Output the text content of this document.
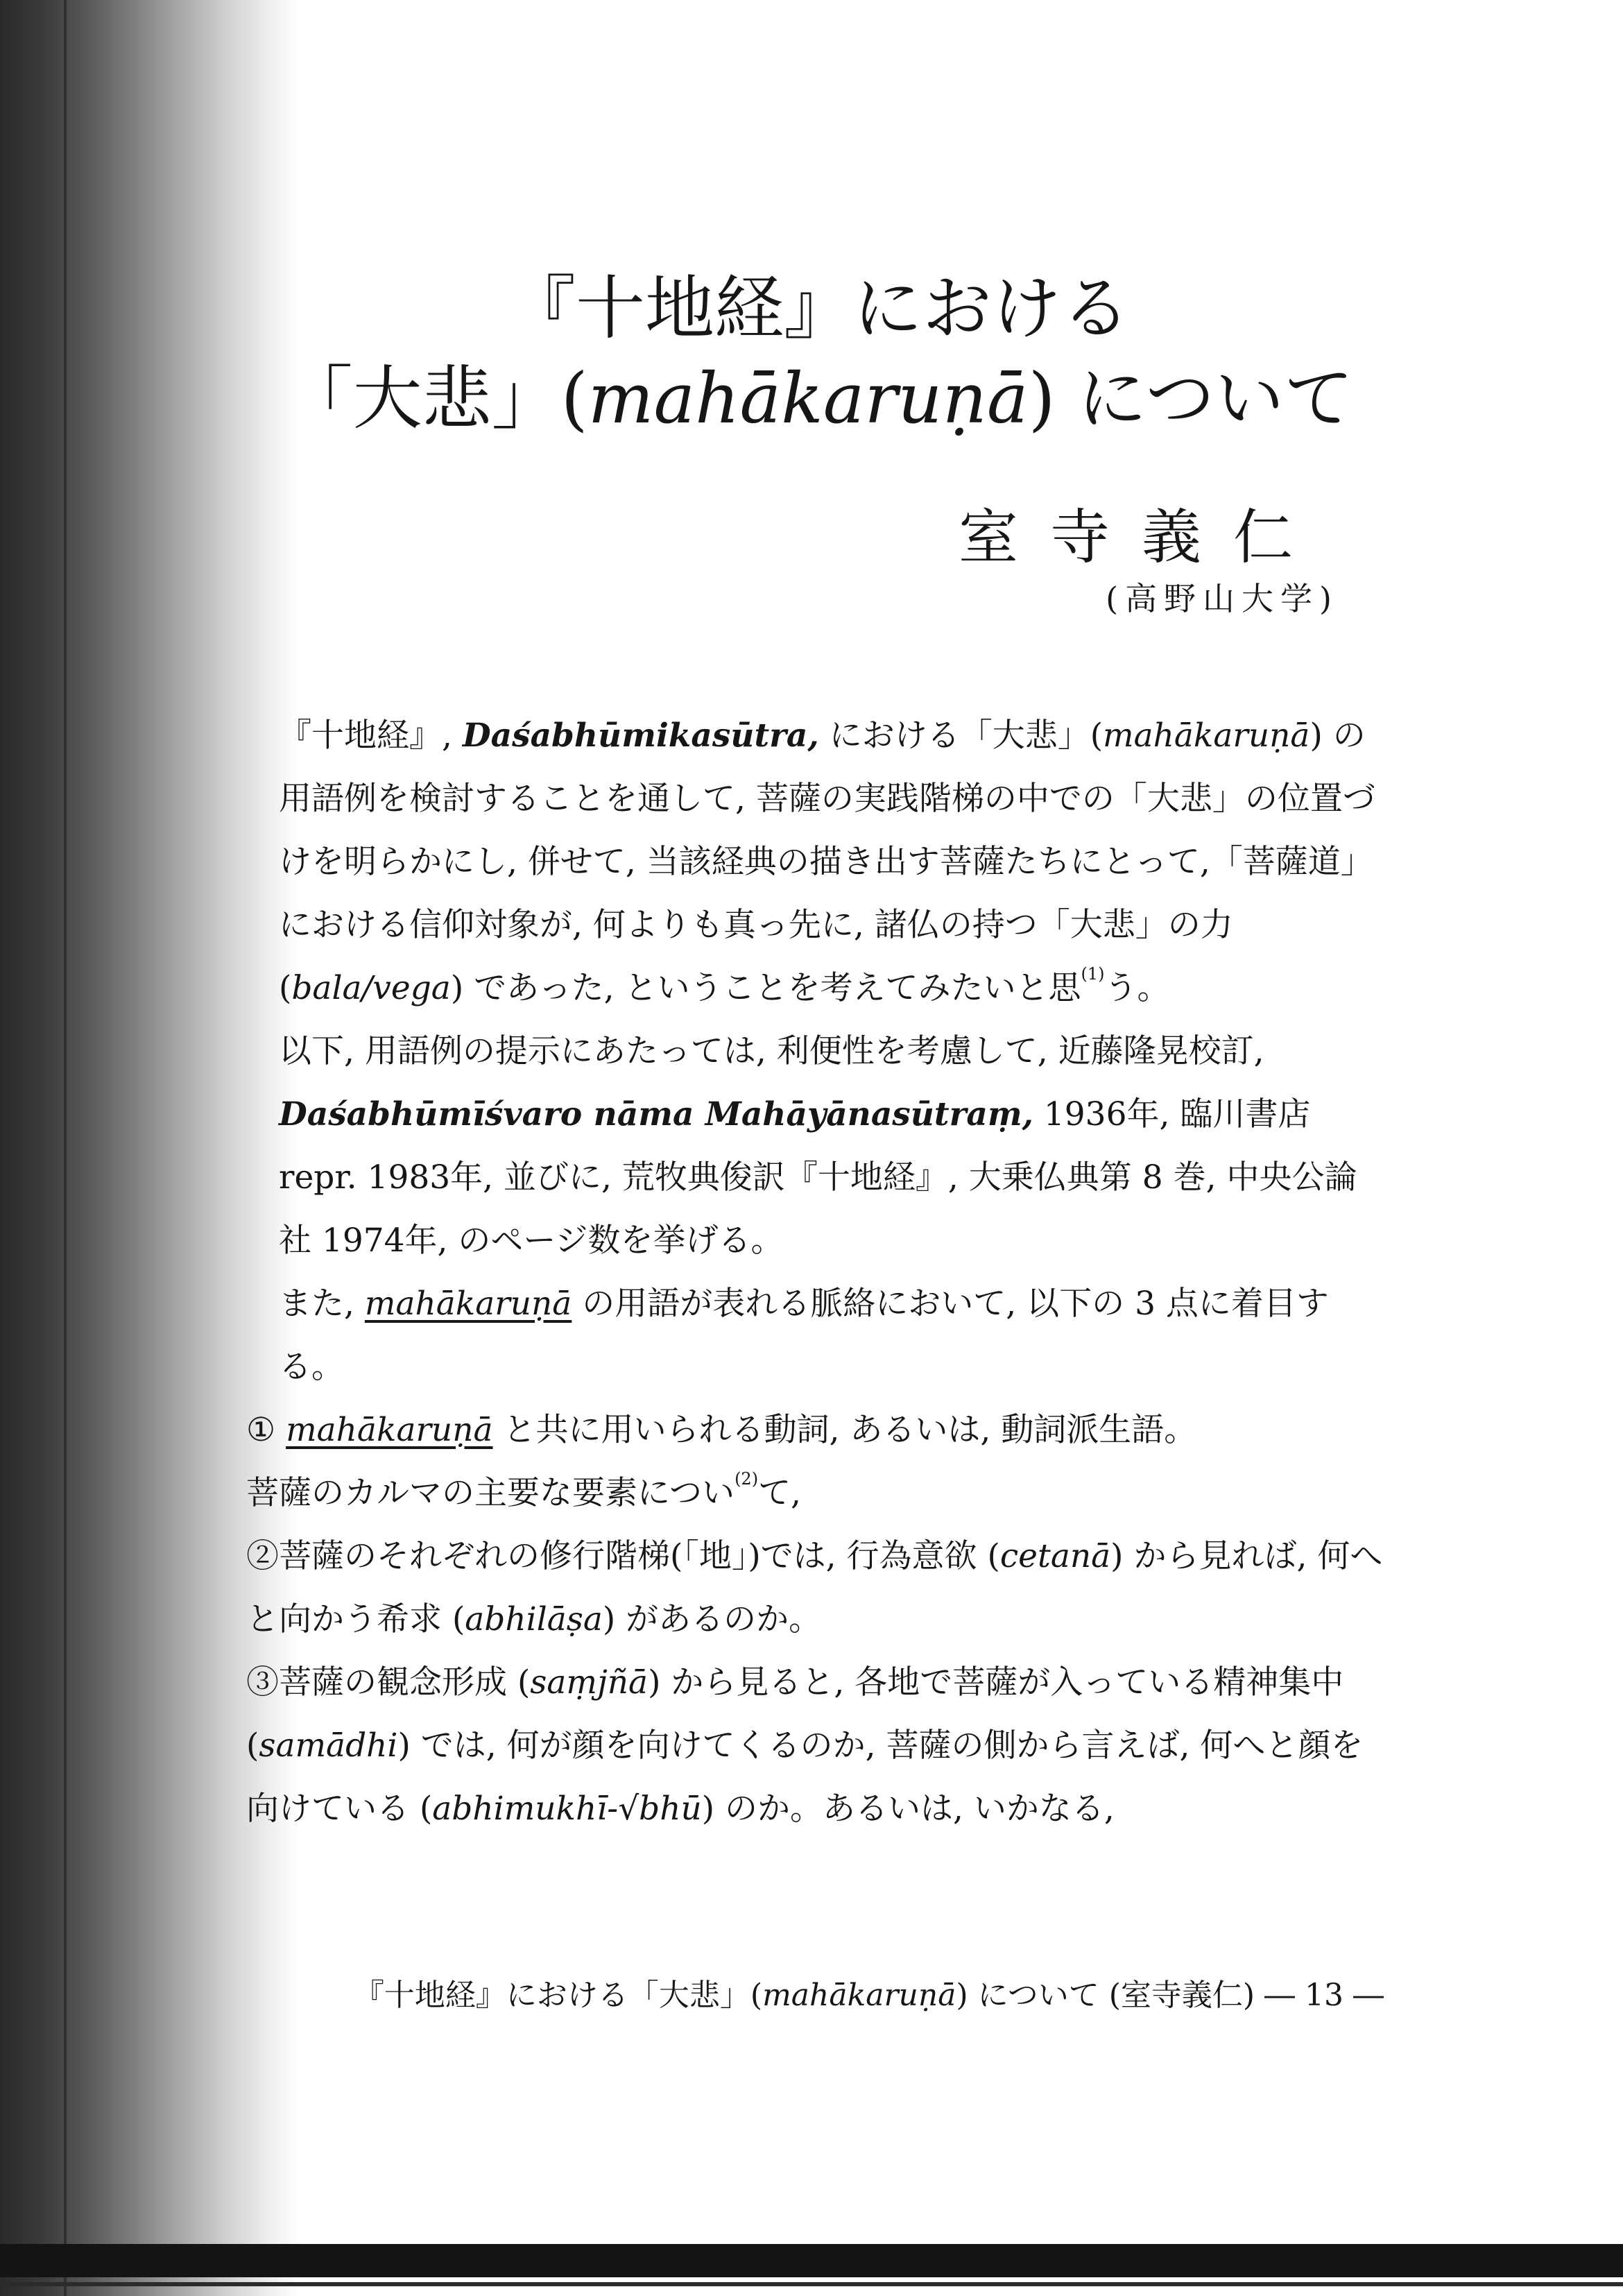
『十地経』における
「大悲」(mahākaruṇā) について

室寺義仁

(高野山大学)

『十地経』, Daśabhūmikasūtra, における「大悲」(mahākaruṇā) の用語例を検討することを通して, 菩薩の実践階梯の中での「大悲」の位置づけを明らかにし, 併せて, 当該経典の描き出す菩薩たちにとって,「菩薩道」における信仰対象が, 何よりも真っ先に, 諸仏の持つ「大悲」の力 (bala/vega) であった, ということを考えてみたいと思$^{(1)}$う。

以下, 用語例の提示にあたっては, 利便性を考慮して, 近藤隆晃校訂, Daśabhūmīśvaro nāma Mahāyānasūtraṃ, 1936年, 臨川書店 repr. 1983年, 並びに, 荒牧典俊訳『十地経』, 大乗仏典第 8 巻, 中央公論社 1974年, のページ数を挙げる。

また, mahākaruṇā の用語が表れる脈絡において, 以下の 3 点に着目する。

① mahākaruṇā と共に用いられる動詞, あるいは, 動詞派生語。

菩薩のカルマの主要な要素につい$^{(2)}$て,

②菩薩のそれぞれの修行階梯(「地」)では, 行為意欲 (cetanā) から見れば, 何へと向かう希求 (abhilāṣa) があるのか。

③菩薩の観念形成 (saṃjñā) から見ると, 各地で菩薩が入っている精神集中 (samādhi) では, 何が顔を向けてくるのか, 菩薩の側から言えば, 何へと顔を向けている (abhimukhī-√bhū) のか。あるいは, いかなる,

『十地経』における「大悲」(mahākaruṇā) について (室寺義仁) ― 13 ―
